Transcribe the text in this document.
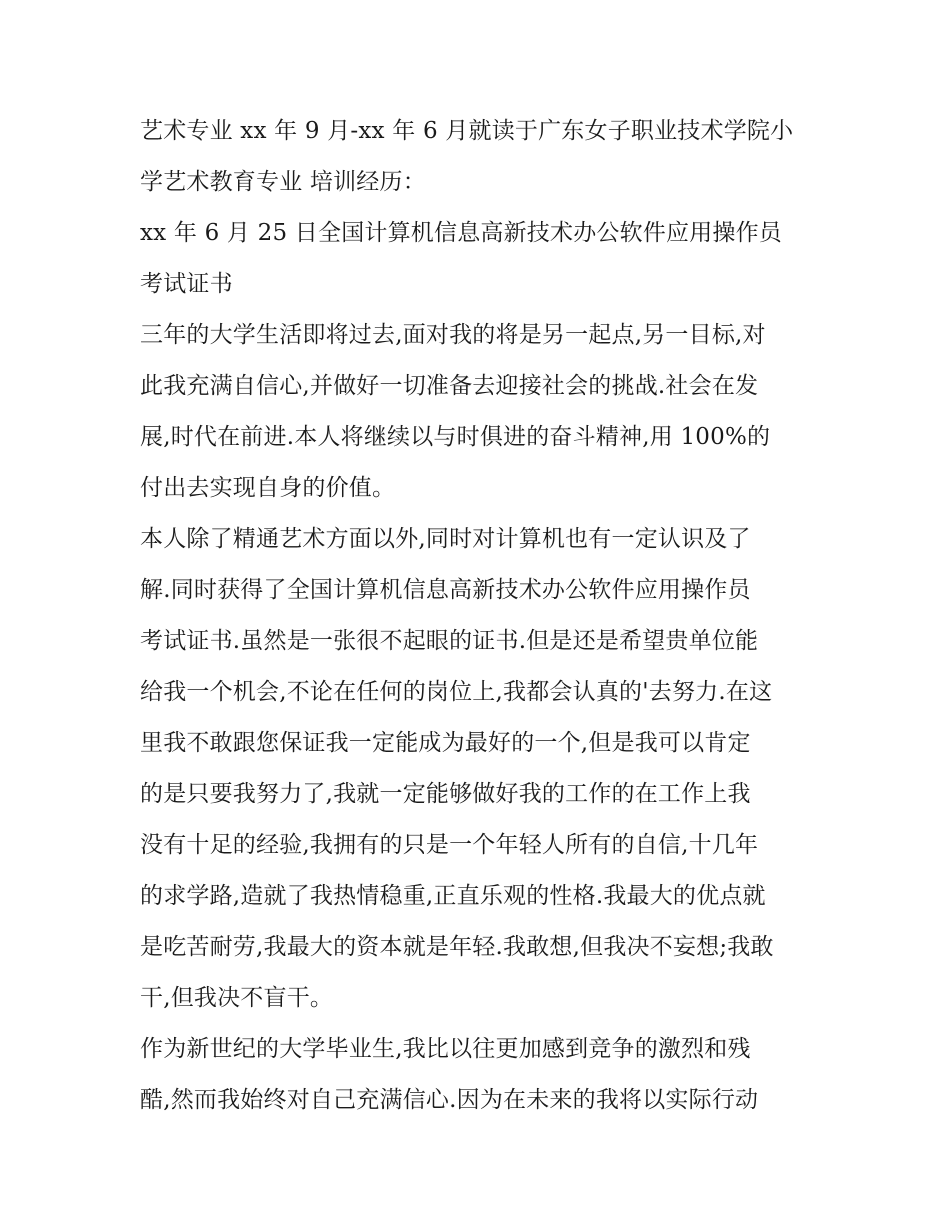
艺术专业 xx 年 9 月-xx 年 6 月就读于广东女子职业技术学院小
学艺术教育专业 培训经历：

xx 年 6 月 25 日全国计算机信息高新技术办公软件应用操作员
考试证书

三年的大学生活即将过去,面对我的将是另一起点,另一目标,对
此我充满自信心,并做好一切准备去迎接社会的挑战.社会在发
展,时代在前进.本人将继续以与时俱进的奋斗精神,用 100%的
付出去实现自身的价值。

本人除了精通艺术方面以外,同时对计算机也有一定认识及了
解.同时获得了全国计算机信息高新技术办公软件应用操作员
考试证书.虽然是一张很不起眼的证书.但是还是希望贵单位能
给我一个机会,不论在任何的岗位上,我都会认真的'去努力.在这
里我不敢跟您保证我一定能成为最好的一个,但是我可以肯定
的是只要我努力了,我就一定能够做好我的工作的在工作上我
没有十足的经验,我拥有的只是一个年轻人所有的自信,十几年
的求学路,造就了我热情稳重,正直乐观的性格.我最大的优点就
是吃苦耐劳,我最大的资本就是年轻.我敢想,但我决不妄想;我敢
干,但我决不盲干。

作为新世纪的大学毕业生,我比以往更加感到竞争的激烈和残
酷,然而我始终对自己充满信心.因为在未来的我将以实际行动
